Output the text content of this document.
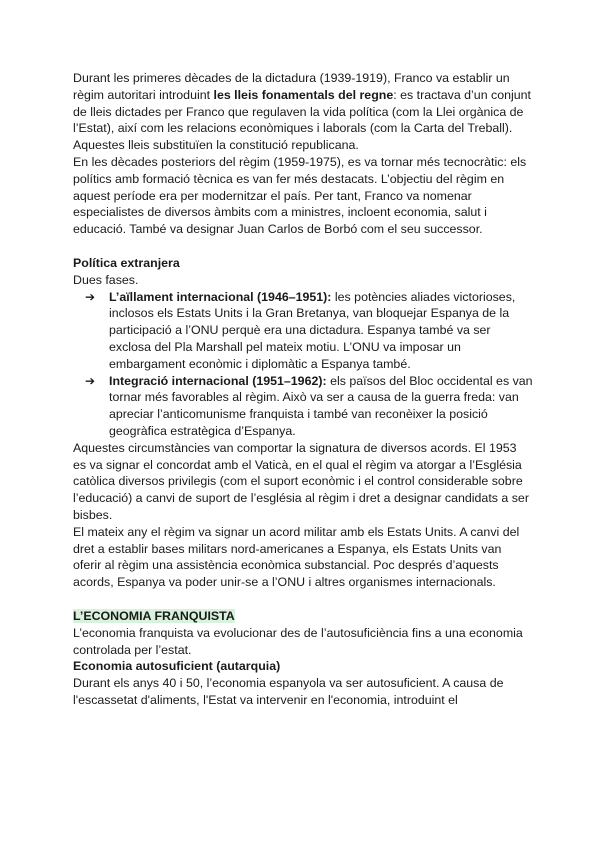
Durant les primeres dècades de la dictadura (1939-1919), Franco va establir un règim autoritari introduint les lleis fonamentals del regne: es tractava d’un conjunt de lleis dictades per Franco que regulaven la vida política (com la Llei orgànica de l’Estat), així com les relacions econòmiques i laborals (com la Carta del Treball). Aquestes lleis substituïen la constitució republicana.

En les dècades posteriors del règim (1959-1975), es va tornar més tecnocràtic: els polítics amb formació tècnica es van fer més destacats. L’objectiu del règim en aquest període era per modernitzar el país. Per tant, Franco va nomenar especialistes de diversos àmbits com a ministres, incloent economia, salut i educació. També va designar Juan Carlos de Borbó com el seu successor.

Política extranjera

Dues fases.

➔ L’aïllament internacional (1946–1951): les potències aliades victorioses, inclosos els Estats Units i la Gran Bretanya, van bloquejar Espanya de la participació a l’ONU perquè era una dictadura. Espanya també va ser exclosa del Pla Marshall pel mateix motiu. L’ONU va imposar un embargament econòmic i diplomàtic a Espanya també.
➔ Integració internacional (1951–1962): els països del Bloc occidental es van tornar més favorables al règim. Això va ser a causa de la guerra freda: van apreciar l’anticomunisme franquista i també van reconèixer la posició geogràfica estratègica d’Espanya.

Aquestes circumstàncies van comportar la signatura de diversos acords. El 1953 es va signar el concordat amb el Vaticà, en el qual el règim va atorgar a l’Església catòlica diversos privilegis (com el suport econòmic i el control considerable sobre l’educació) a canvi de suport de l’església al règim i dret a designar candidats a ser bisbes.

El mateix any el règim va signar un acord militar amb els Estats Units. A canvi del dret a establir bases militars nord-americanes a Espanya, els Estats Units van oferir al règim una assistència econòmica substancial. Poc després d’aquests acords, Espanya va poder unir-se a l’ONU i altres organismes internacionals.

L’ECONOMIA FRANQUISTA

L’economia franquista va evolucionar des de l’autosuficiència fins a una economia controlada per l’estat.

Economia autosuficient (autarquia)

Durant els anys 40 i 50, l’economia espanyola va ser autosuficient. A causa de l'escassetat d'aliments, l'Estat va intervenir en l'economia, introduint el
